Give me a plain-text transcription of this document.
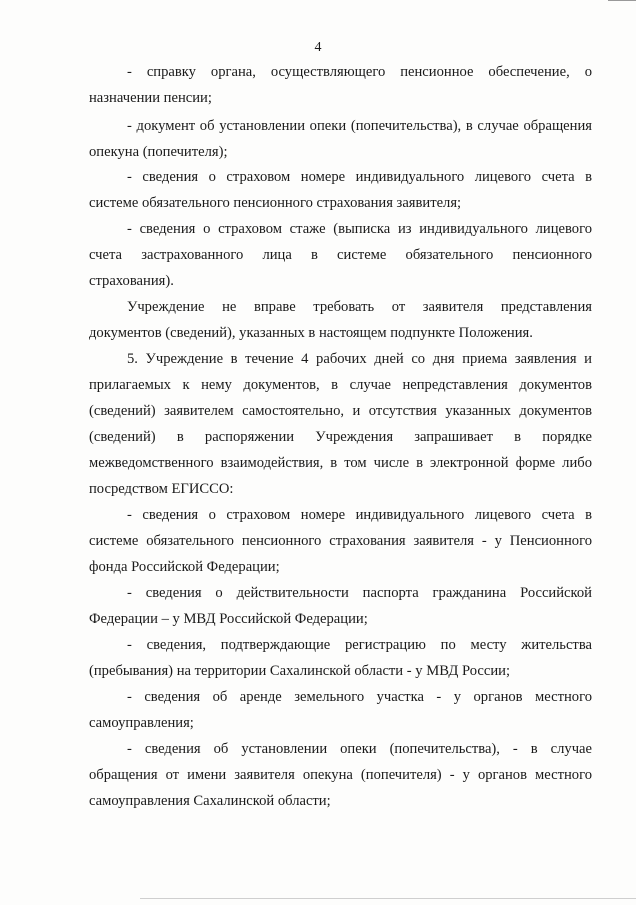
4
- справку органа, осуществляющего пенсионное обеспечение, о
назначении пенсии;
- документ об установлении опеки (попечительства), в случае обращения
опекуна (попечителя);
- сведения о страховом номере индивидуального лицевого счета в
системе обязательного пенсионного страхования заявителя;
- сведения о страховом стаже (выписка из индивидуального лицевого
счета застрахованного лица в системе обязательного пенсионного
страхования).
Учреждение не вправе требовать от заявителя представления
документов (сведений), указанных в настоящем подпункте Положения.
5. Учреждение в течение 4 рабочих дней со дня приема заявления и
прилагаемых к нему документов, в случае непредставления документов
(сведений) заявителем самостоятельно, и отсутствия указанных документов
(сведений) в распоряжении Учреждения запрашивает в порядке
межведомственного взаимодействия, в том числе в электронной форме либо
посредством ЕГИССО:
- сведения о страховом номере индивидуального лицевого счета в
системе обязательного пенсионного страхования заявителя - у Пенсионного
фонда Российской Федерации;
- сведения о действительности паспорта гражданина Российской
Федерации – у МВД Российской Федерации;
- сведения, подтверждающие регистрацию по месту жительства
(пребывания) на территории Сахалинской области - у МВД России;
- сведения об аренде земельного участка - у органов местного
самоуправления;
- сведения об установлении опеки (попечительства), - в случае
обращения от имени заявителя опекуна (попечителя) - у органов местного
самоуправления Сахалинской области;
